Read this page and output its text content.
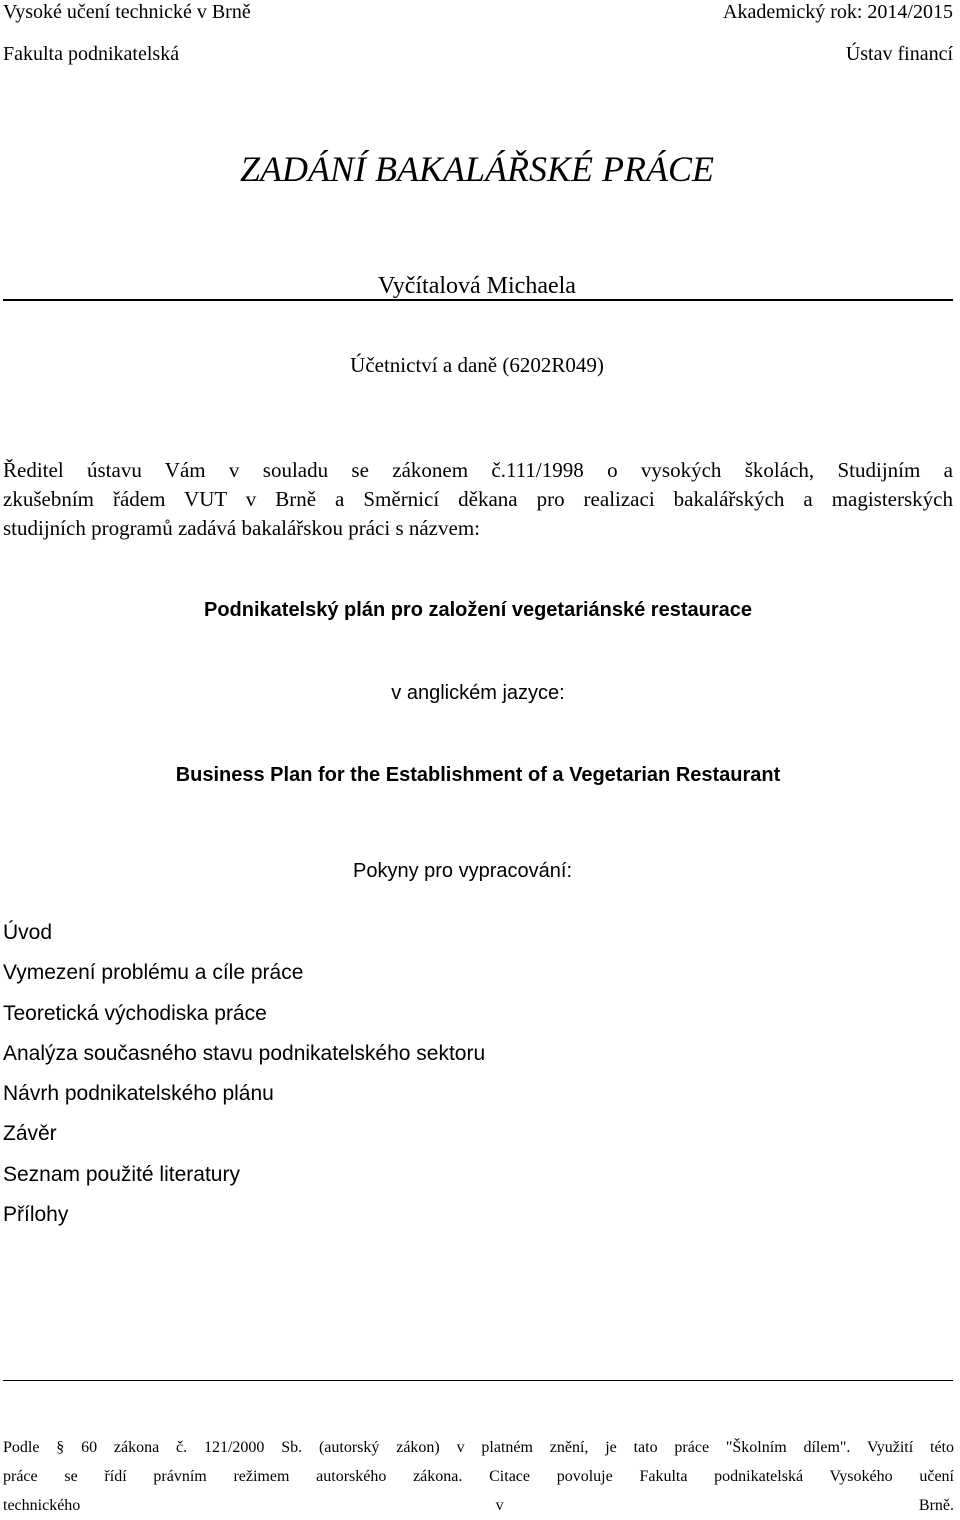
Vysoké učení technické v Brně	Akademický rok: 2014/2015
Fakulta podnikatelská	Ústav financí
ZADÁNÍ BAKALÁŘSKÉ PRÁCE
Vyčítalová Michaela
Účetnictví a daně (6202R049)
Ředitel ústavu Vám v souladu se zákonem č.111/1998 o vysokých školách, Studijním a
zkušebním řádem VUT v Brně a Směrnicí děkana pro realizaci bakalářských a magisterských
studijních programů zadává bakalářskou práci s názvem:
Podnikatelský plán pro založení vegetariánské restaurace
v anglickém jazyce:
Business Plan for the Establishment of a Vegetarian Restaurant
Pokyny pro vypracování:
Úvod
Vymezení problému a cíle práce
Teoretická východiska práce
Analýza současného stavu podnikatelského sektoru
Návrh podnikatelského plánu
Závěr
Seznam použité literatury
Přílohy
Podle § 60 zákona č. 121/2000 Sb. (autorský zákon) v platném znění, je tato práce "Školním dílem". Využití této
práce se řídí právním režimem autorského zákona. Citace povoluje Fakulta podnikatelská Vysokého učení
technického v Brně.
